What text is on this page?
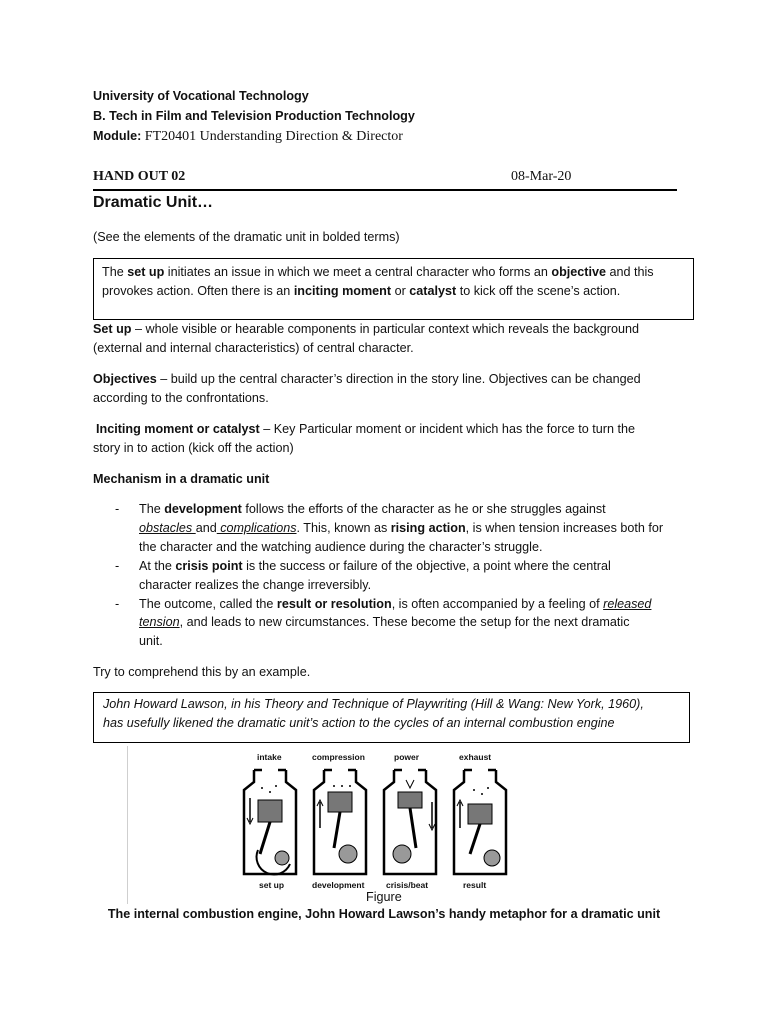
University of Vocational Technology
B. Tech in Film and Television Production Technology
Module: FT20401 Understanding Direction & Director
HAND OUT 02	08-Mar-20
Dramatic Unit…
(See the elements of the dramatic unit in bolded terms)
The set up initiates an issue in which we meet a central character who forms an objective and this
provokes action. Often there is an inciting moment or catalyst to kick off the scene’s action.
Set up – whole visible or hearable components in particular context which reveals the background
(external and internal characteristics) of central character.
Objectives – build up the central character’s direction in the story line. Objectives can be changed
according to the confrontations.
Inciting moment or catalyst – Key Particular moment or incident which has the force to turn the
story in to action (kick off the action)
Mechanism in a dramatic unit
- The development follows the efforts of the character as he or she struggles against
obstacles and complications. This, known as rising action, is when tension increases both for
the character and the watching audience during the character’s struggle.
- At the crisis point is the success or failure of the objective, a point where the central
character realizes the change irreversibly.
- The outcome, called the result or resolution, is often accompanied by a feeling of released
tension, and leads to new circumstances. These become the setup for the next dramatic
unit.
Try to comprehend this by an example.
John Howard Lawson, in his Theory and Technique of Playwriting (Hill & Wang: New York, 1960),
has usefully likened the dramatic unit’s action to the cycles of an internal combustion engine
intake	compression	power	exhaust
set up	development	crisis/beat	result
Figure
The internal combustion engine, John Howard Lawson’s handy metaphor for a dramatic unit
